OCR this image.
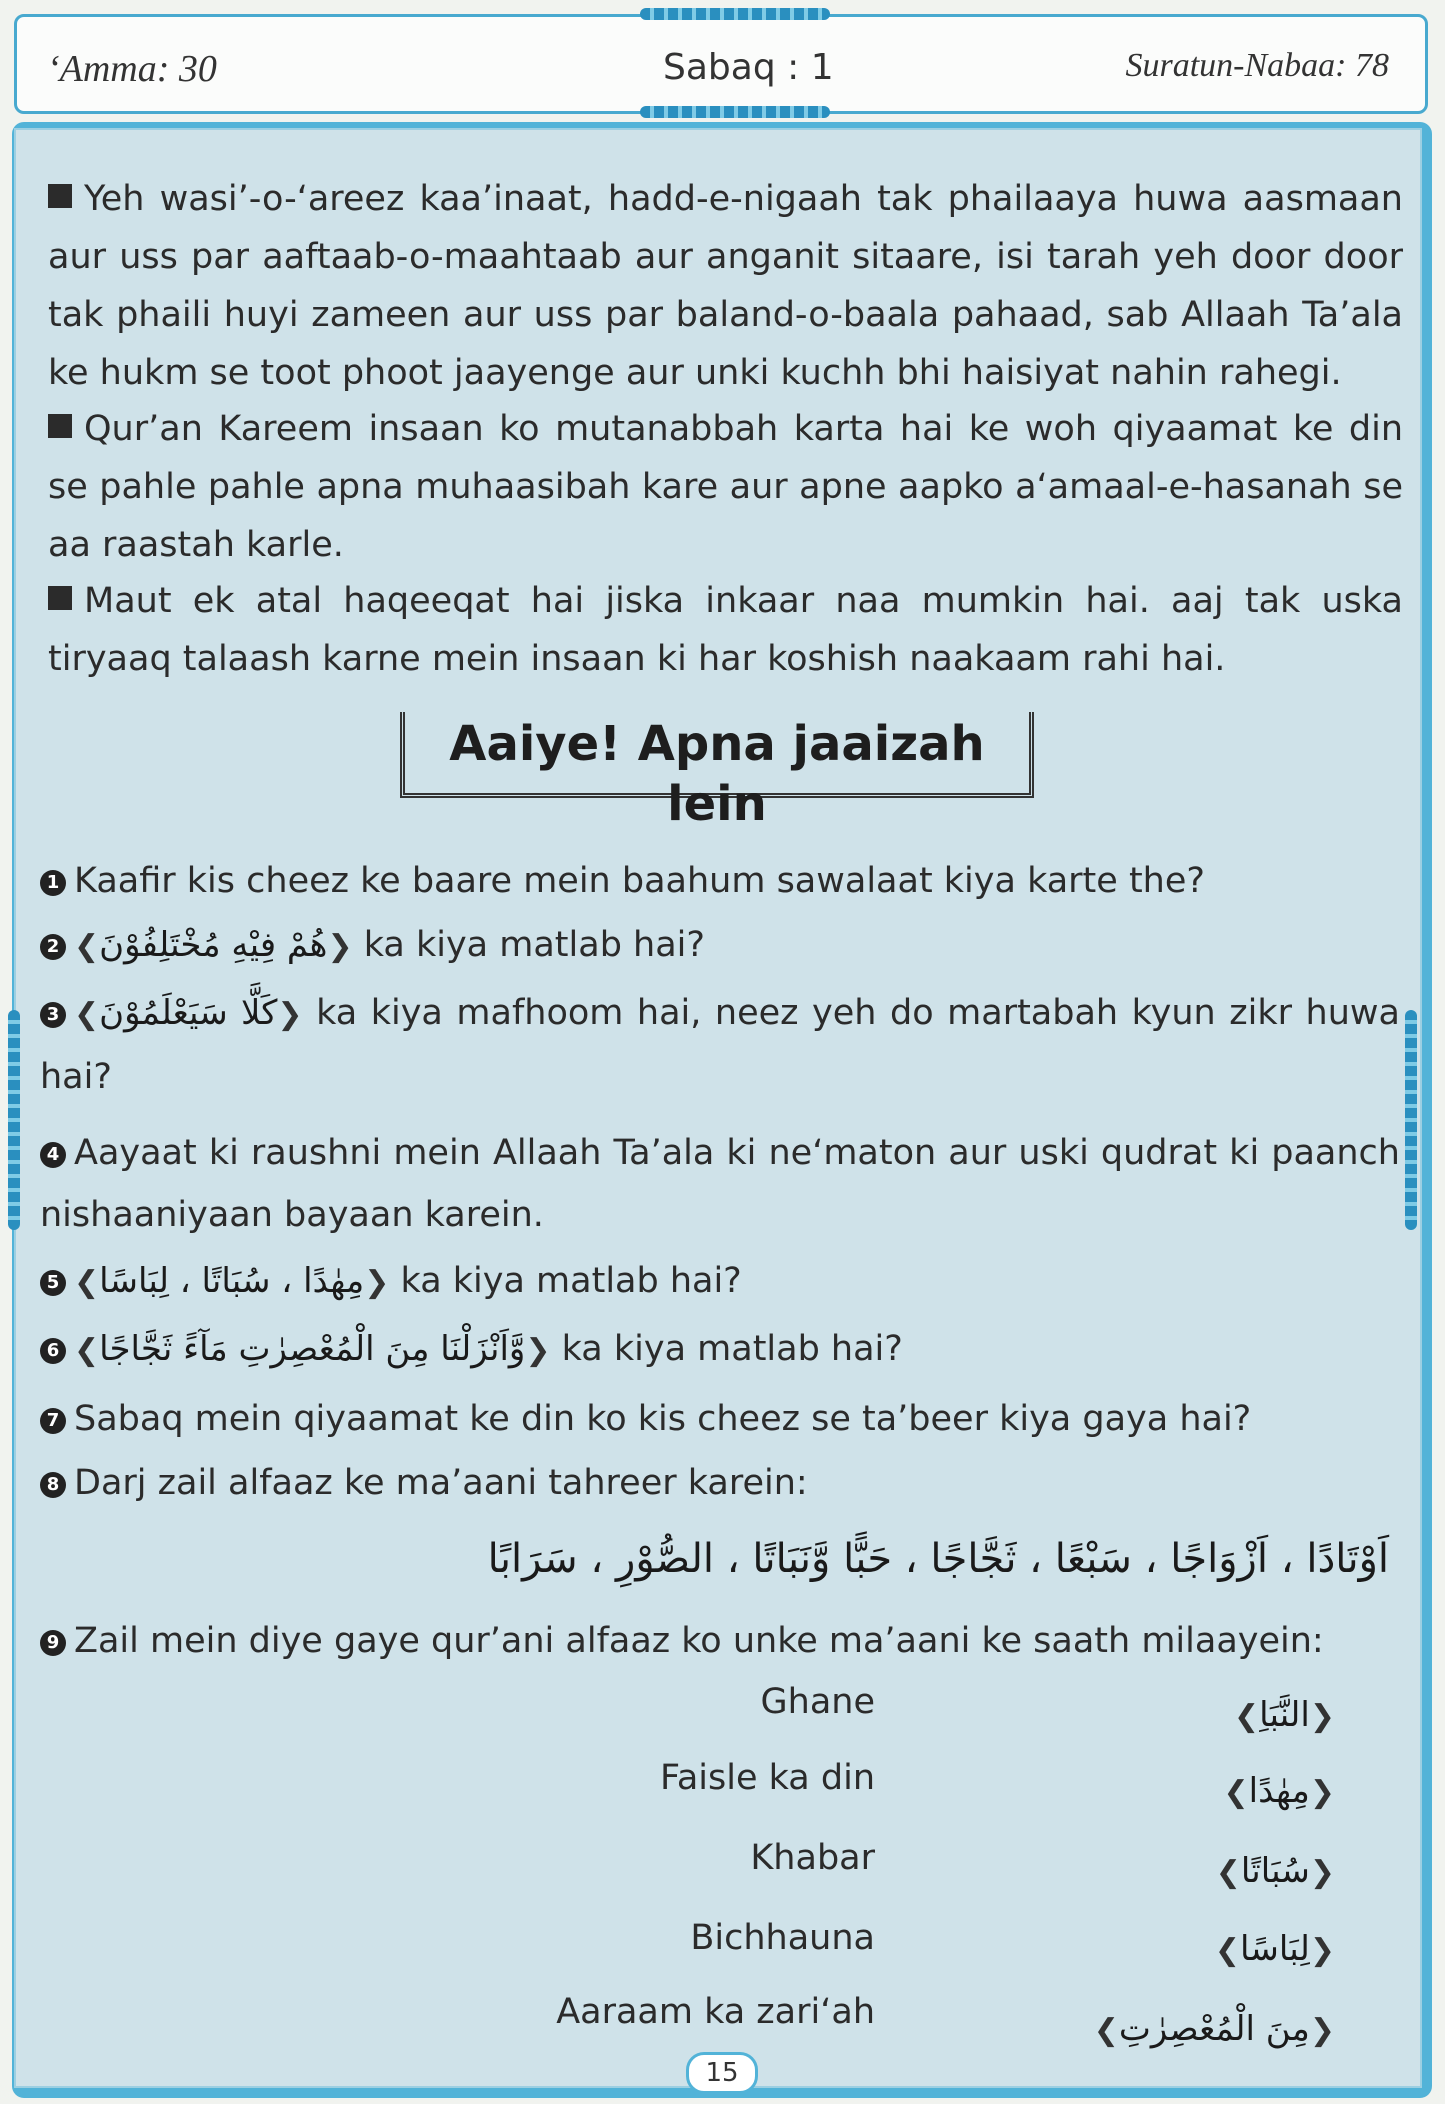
‘Amma: 30	Sabaq : 1	Suratun-Nabaa: 78
Yeh wasi’-o-‘areez kaa’inaat, hadd-e-nigaah tak phailaaya huwa aasmaan aur uss par aaftaab-o-maahtaab aur anganit sitaare, isi tarah yeh door door tak phaili huyi zameen aur uss par baland-o-baala pahaad, sab Allaah Ta’ala ke hukm se toot phoot jaayenge aur unki kuchh bhi haisiyat nahin rahegi.
Qur’an Kareem insaan ko mutanabbah karta hai ke woh qiyaamat ke din se pahle pahle apna muhaasibah kare aur apne aapko a‘amaal-e-hasanah se aa raastah karle.
Maut ek atal haqeeqat hai jiska inkaar naa mumkin hai. aaj tak uska tiryaaq talaash karne mein insaan ki har koshish naakaam rahi hai.
Aaiye! Apna jaaizah lein
1 Kaafir kis cheez ke baare mein baahum sawalaat kiya karte the?
2 ❮هُمْ فِيْهِ مُخْتَلِفُوْنَ❯ ka kiya matlab hai?
3 ❮كَلَّا سَيَعْلَمُوْنَ❯ ka kiya mafhoom hai, neez yeh do martabah kyun zikr huwa hai?
4 Aayaat ki raushni mein Allaah Ta’ala ki ne‘maton aur uski qudrat ki paanch nishaaniyaan bayaan karein.
5 ❮مِهٰدًا ، سُبَاتًا ، لِبَاسًا❯ ka kiya matlab hai?
6 ❮وَّاَنْزَلْنَا مِنَ الْمُعْصِرٰتِ مَآءً ثَجَّاجًا❯ ka kiya matlab hai?
7 Sabaq mein qiyaamat ke din ko kis cheez se ta’beer kiya gaya hai?
8 Darj zail alfaaz ke ma’aani tahreer karein:
اَوْتَادًا ، اَزْوَاجًا ، سَبْعًا ، ثَجَّاجًا ، حَبًّا وَّنَبَاتًا ، الصُّوْرِ ، سَرَابًا
9 Zail mein diye gaye qur’ani alfaaz ko unke ma’aani ke saath milaayein:
Ghane
Faisle ka din
Khabar
Bichhauna
Aaraam ka zari‘ah
❮النَّبَاِ❯
❮مِهٰدًا❯
❮سُبَاتًا❯
❮لِبَاسًا❯
❮مِنَ الْمُعْصِرٰتِ❯
15
